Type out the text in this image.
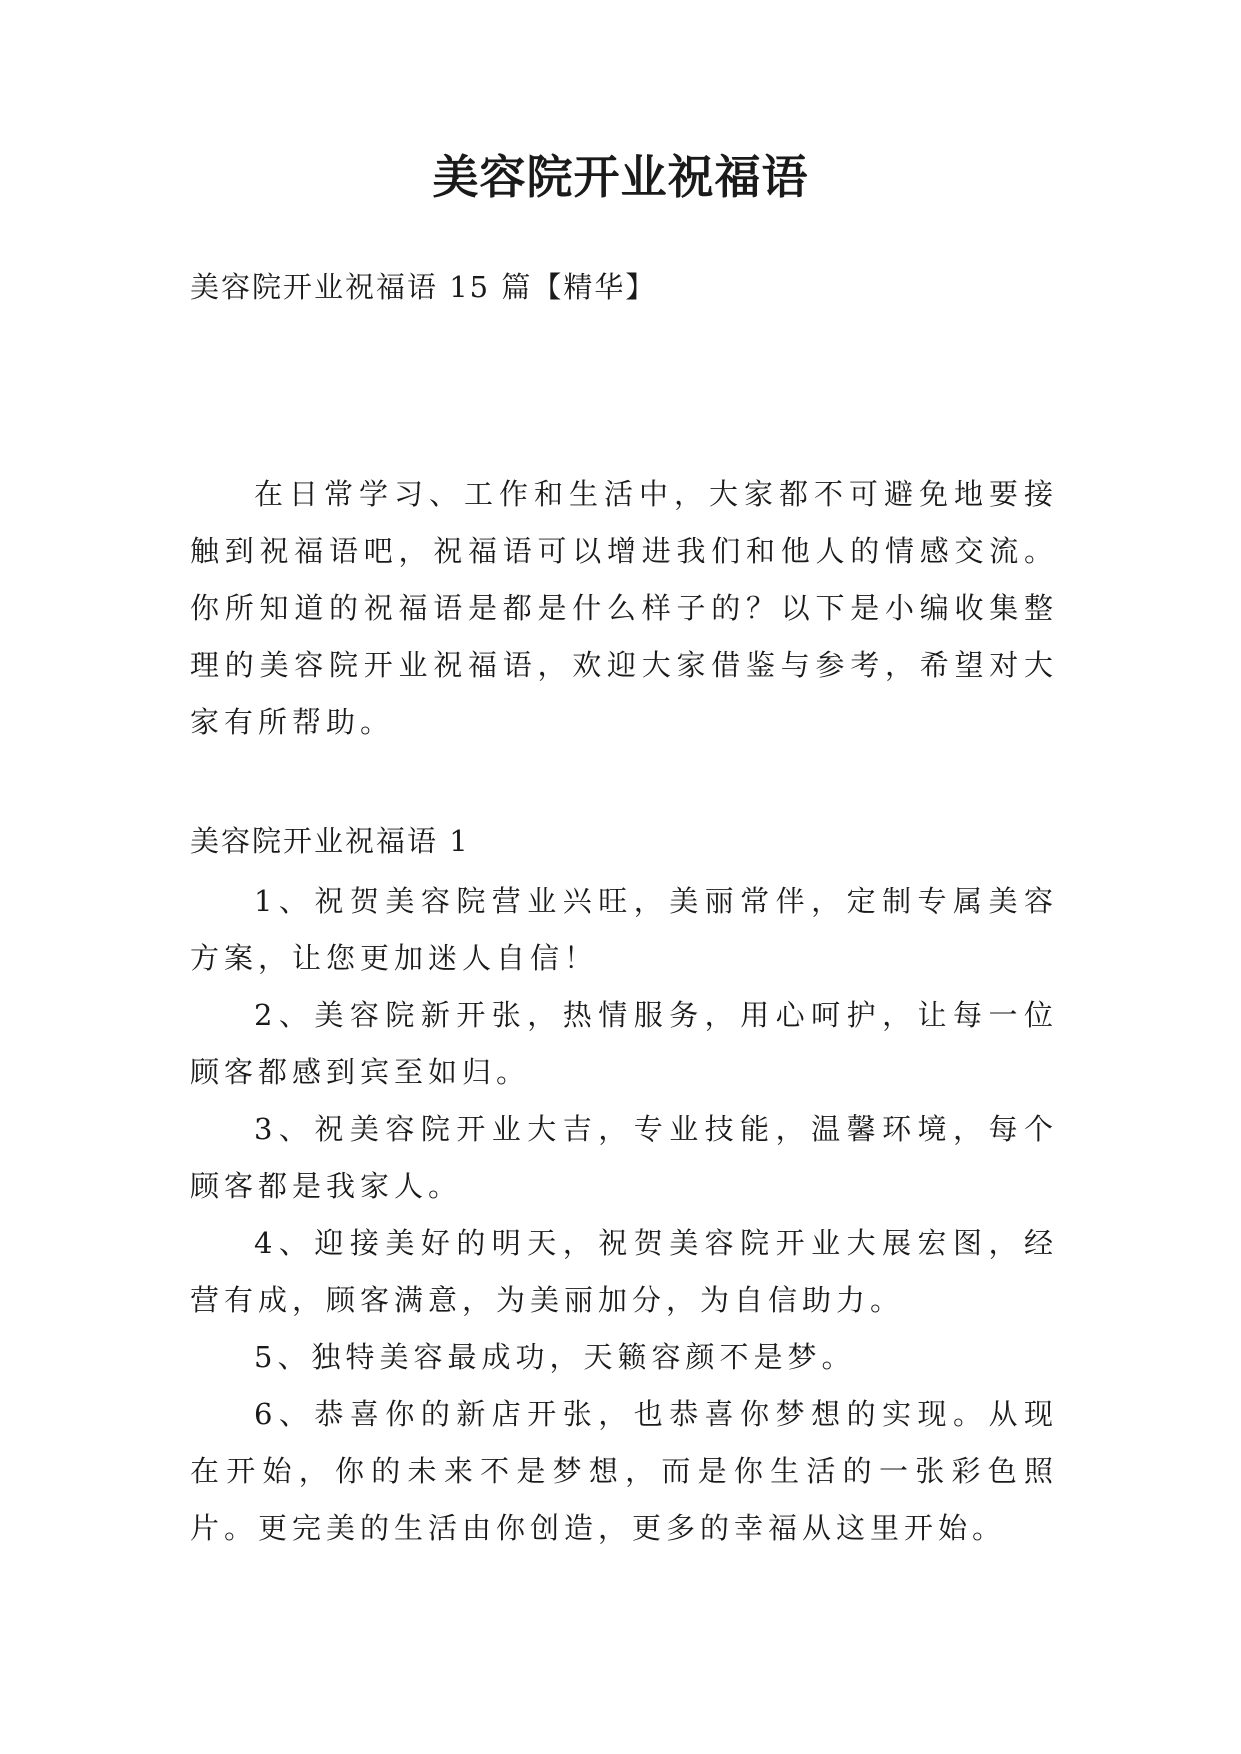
美容院开业祝福语

美容院开业祝福语 15 篇【精华】

在日常学习、工作和生活中，大家都不可避免地要接触到祝福语吧，祝福语可以增进我们和他人的情感交流。你所知道的祝福语是都是什么样子的？以下是小编收集整理的美容院开业祝福语，欢迎大家借鉴与参考，希望对大家有所帮助。

美容院开业祝福语 1

1、祝贺美容院营业兴旺，美丽常伴，定制专属美容方案，让您更加迷人自信！
2、美容院新开张，热情服务，用心呵护，让每一位顾客都感到宾至如归。
3、祝美容院开业大吉，专业技能，温馨环境，每个顾客都是我家人。
4、迎接美好的明天，祝贺美容院开业大展宏图，经营有成，顾客满意，为美丽加分，为自信助力。
5、独特美容最成功，天籁容颜不是梦。
6、恭喜你的新店开张，也恭喜你梦想的实现。从现在开始，你的未来不是梦想，而是你生活的一张彩色照片。更完美的生活由你创造，更多的幸福从这里开始。
